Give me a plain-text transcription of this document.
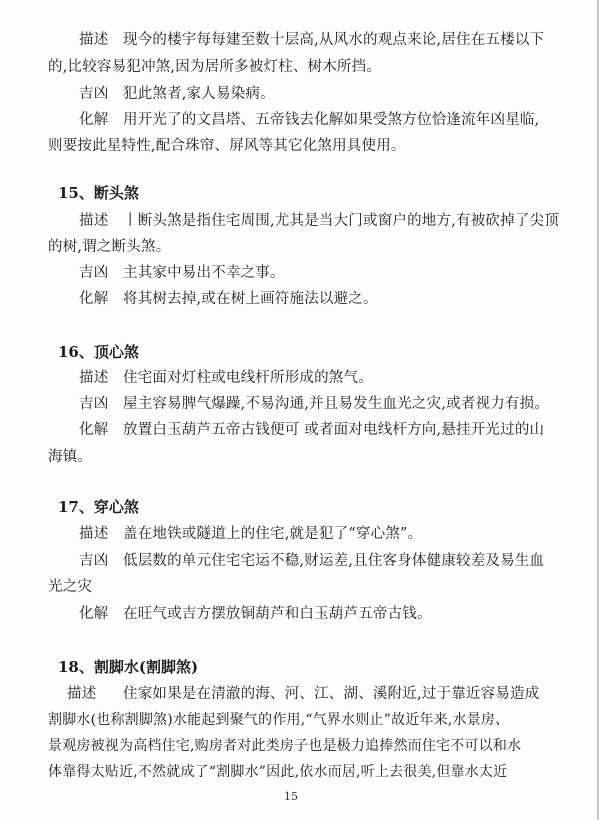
描述 现今的楼宇每每建至数十层高,从风水的观点来论,居住在五楼以下
的,比较容易犯冲煞,因为居所多被灯柱、树木所挡。
吉凶 犯此煞者,家人易染病。
化解 用开光了的文昌塔、五帝钱去化解如果受煞方位恰逢流年凶星临,
则要按此星特性,配合珠帘、屏风等其它化煞用具使用。
15、断头煞
描述 丨断头煞是指住宅周围,尤其是当大门或窗户的地方,有被砍掉了尖顶
的树,谓之断头煞。
吉凶 主其家中易出不幸之事。
化解 将其树去掉,或在树上画符施法以避之。
16、顶心煞
描述 住宅面对灯柱或电线杆所形成的煞气。
吉凶 屋主容易脾气爆躁,不易沟通,并且易发生血光之灾,或者视力有损。
化解 放置白玉葫芦五帝古钱便可 或者面对电线杆方向,悬挂开光过的山
海镇。
17、穿心煞
描述 盖在地铁或隧道上的住宅,就是犯了“穿心煞”。
吉凶 低层数的单元住宅宅运不稳,财运差,且住客身体健康较差及易生血
光之灾
化解 在旺气或吉方摆放铜葫芦和白玉葫芦五帝古钱。
18、割脚水(割脚煞)
描述 住家如果是在清澈的海、河、江、湖、溪附近,过于靠近容易造成
割脚水(也称割脚煞)水能起到聚气的作用,“气界水则止”故近年来,水景房、
景观房被视为高档住宅,购房者对此类房子也是极力追捧然而住宅不可以和水
体靠得太贴近,不然就成了“割脚水”因此,依水而居,听上去很美,但靠水太近
15
